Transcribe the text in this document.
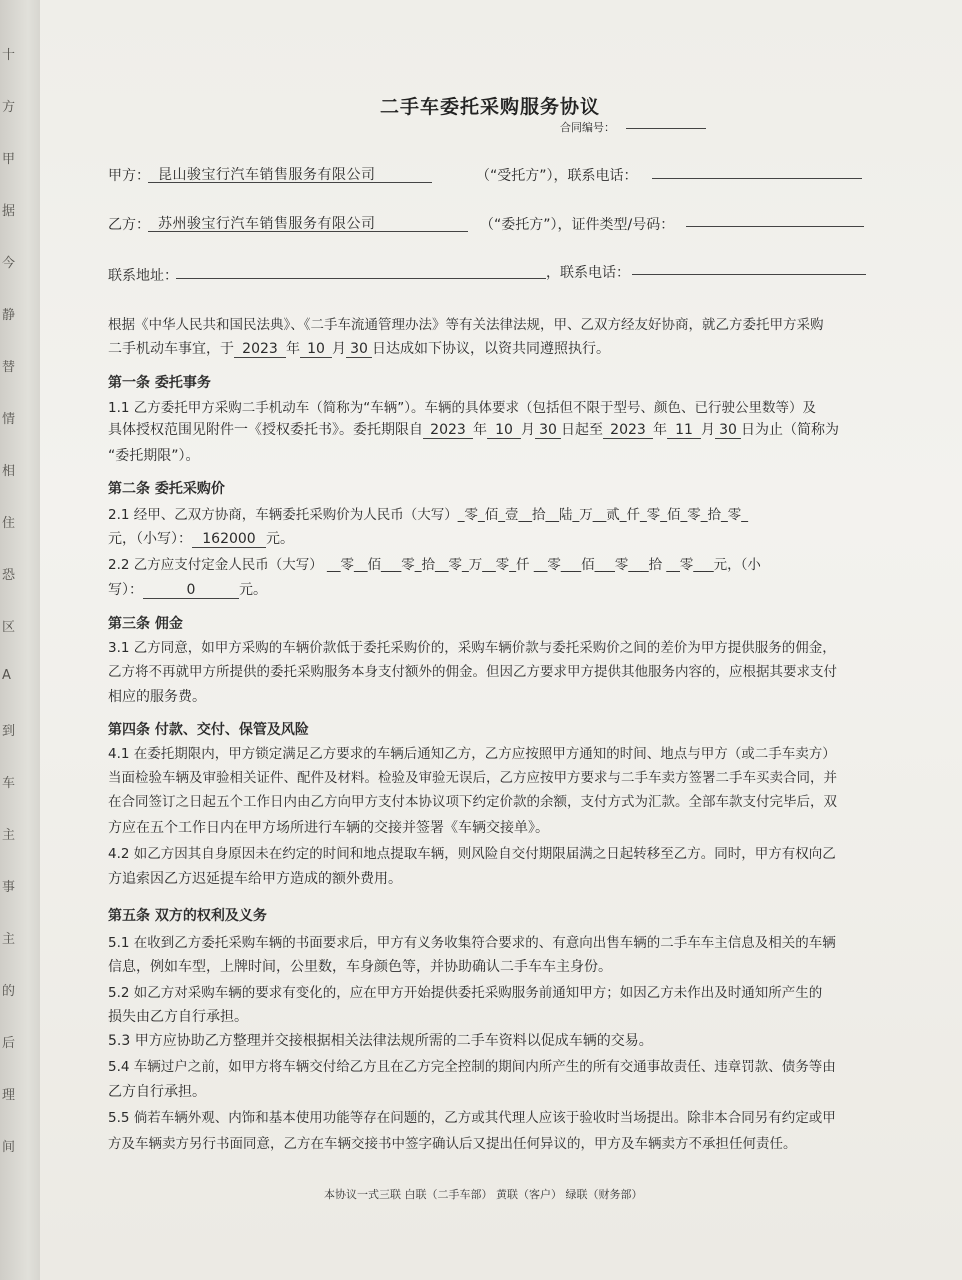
十
方
甲
据
今
静
替
情
相
住
恐
区
A
到
车
主
事
主
的
后
理
间
二手车委托采购服务协议
合同编号：
甲方： 昆山骏宝行汽车销售服务有限公司	（“受托方”），联系电话：
乙方： 苏州骏宝行汽车销售服务有限公司	（“委托方”），证件类型/号码：
联系地址：	，联系电话：
根据《中华人民共和国民法典》、《二手车流通管理办法》等有关法律法规，甲、乙双方经友好协商，就乙方委托甲方采购
二手机动车事宜，于 2023 年 10 月 30 日达成如下协议，以资共同遵照执行。
第一条 委托事务
1.1 乙方委托甲方采购二手机动车（简称为“车辆”）。车辆的具体要求（包括但不限于型号、颜色、已行驶公里数等）及
具体授权范围见附件一《授权委托书》。委托期限自 2023 年 10 月 30 日起至 2023 年 11 月 30 日为止（简称为
“委托期限”）。
第二条 委托采购价
2.1 经甲、乙双方协商，车辆委托采购价为人民币（大写）_零_佰_壹__拾__陆_万__贰_仟_零_佰_零_拾_零_
元，（小写）： 162000 元。
2.2 乙方应支付定金人民币（大写） __零__佰___零_拾__零_万__零_仟 __零___佰___零___拾 __零___元，（小
写）：	0	元。
第三条 佣金
3.1 乙方同意，如甲方采购的车辆价款低于委托采购价的，采购车辆价款与委托采购价之间的差价为甲方提供服务的佣金，
乙方将不再就甲方所提供的委托采购服务本身支付额外的佣金。但因乙方要求甲方提供其他服务内容的，应根据其要求支付
相应的服务费。
第四条 付款、交付、保管及风险
4.1 在委托期限内，甲方锁定满足乙方要求的车辆后通知乙方，乙方应按照甲方通知的时间、地点与甲方（或二手车卖方）
当面检验车辆及审验相关证件、配件及材料。检验及审验无误后，乙方应按甲方要求与二手车卖方签署二手车买卖合同，并
在合同签订之日起五个工作日内由乙方向甲方支付本协议项下约定价款的余额，支付方式为汇款。全部车款支付完毕后，双
方应在五个工作日内在甲方场所进行车辆的交接并签署《车辆交接单》。
4.2 如乙方因其自身原因未在约定的时间和地点提取车辆，则风险自交付期限届满之日起转移至乙方。同时，甲方有权向乙
方追索因乙方迟延提车给甲方造成的额外费用。
第五条 双方的权利及义务
5.1 在收到乙方委托采购车辆的书面要求后，甲方有义务收集符合要求的、有意向出售车辆的二手车车主信息及相关的车辆
信息，例如车型，上牌时间，公里数，车身颜色等，并协助确认二手车车主身份。
5.2 如乙方对采购车辆的要求有变化的，应在甲方开始提供委托采购服务前通知甲方；如因乙方未作出及时通知所产生的
损失由乙方自行承担。
5.3 甲方应协助乙方整理并交接根据相关法律法规所需的二手车资料以促成车辆的交易。
5.4 车辆过户之前，如甲方将车辆交付给乙方且在乙方完全控制的期间内所产生的所有交通事故责任、违章罚款、债务等由
乙方自行承担。
5.5 倘若车辆外观、内饰和基本使用功能等存在问题的，乙方或其代理人应该于验收时当场提出。除非本合同另有约定或甲
方及车辆卖方另行书面同意，乙方在车辆交接书中签字确认后又提出任何异议的，甲方及车辆卖方不承担任何责任。
本协议一式三联 白联（二手车部） 黄联（客户） 绿联（财务部）
